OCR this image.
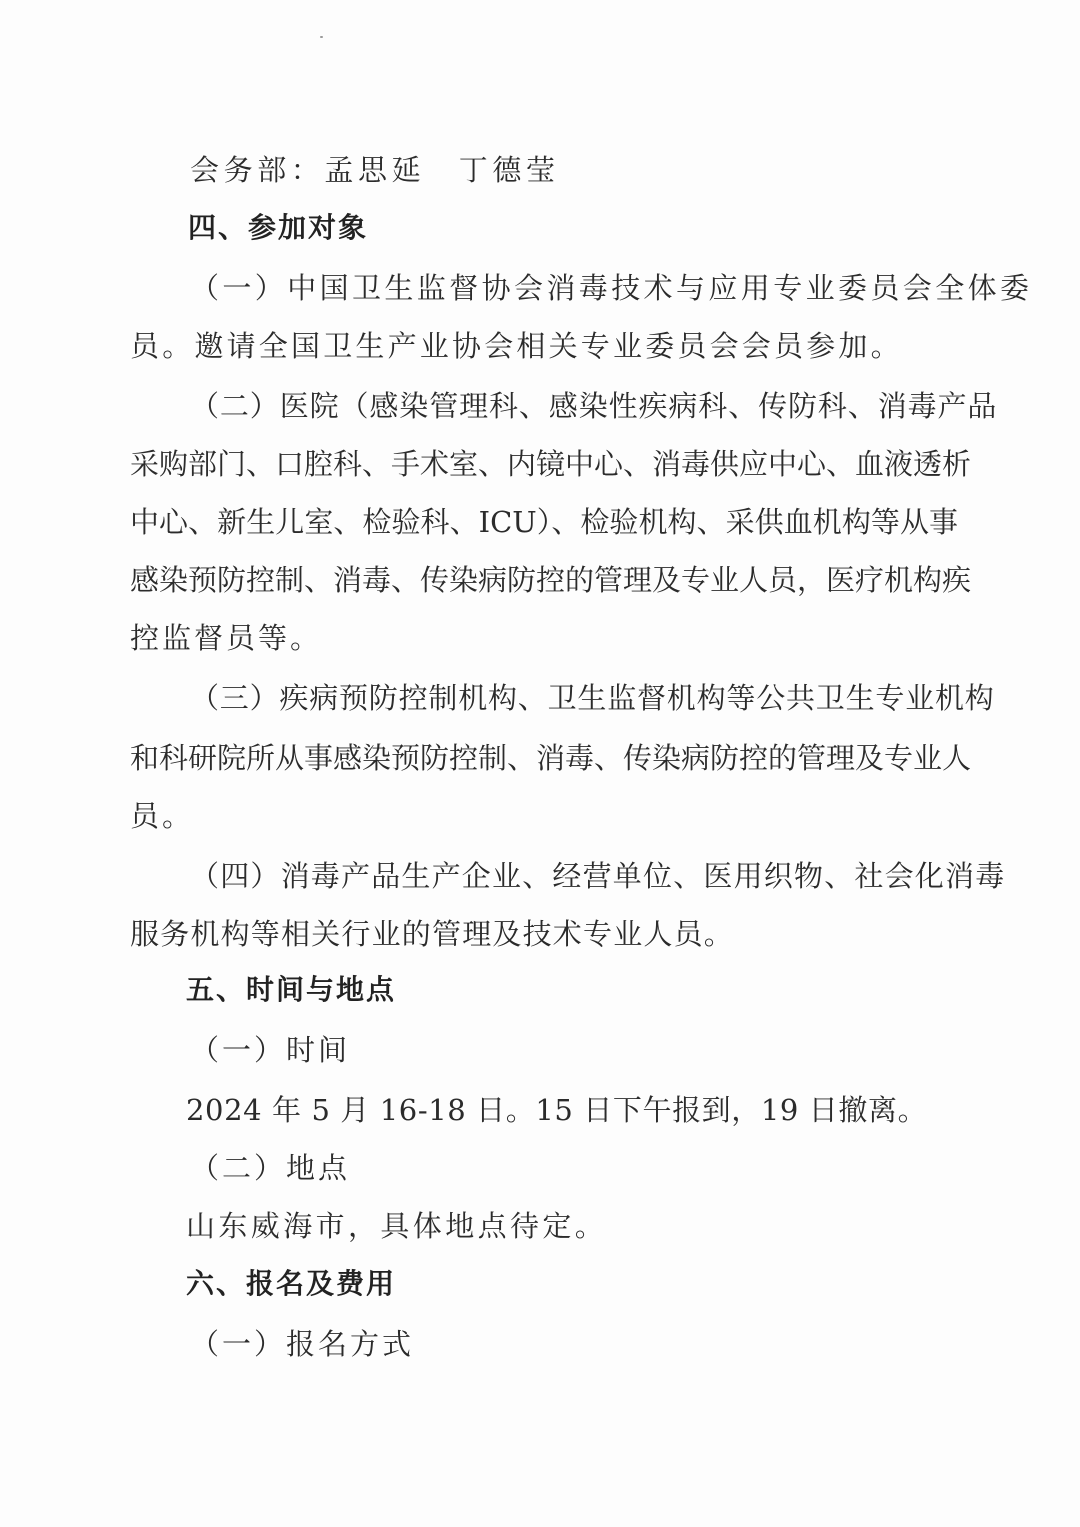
会务部：孟思延　丁德莹
四、参加对象
（一）中国卫生监督协会消毒技术与应用专业委员会全体委
员。邀请全国卫生产业协会相关专业委员会会员参加。
（二）医院（感染管理科、感染性疾病科、传防科、消毒产品
采购部门、口腔科、手术室、内镜中心、消毒供应中心、血液透析
中心、新生儿室、检验科、ICU）、检验机构、采供血机构等从事
感染预防控制、消毒、传染病防控的管理及专业人员，医疗机构疾
控监督员等。
（三）疾病预防控制机构、卫生监督机构等公共卫生专业机构
和科研院所从事感染预防控制、消毒、传染病防控的管理及专业人
员。
（四）消毒产品生产企业、经营单位、医用织物、社会化消毒
服务机构等相关行业的管理及技术专业人员。
五、时间与地点
（一）时间
2024 年 5 月 16-18 日。15 日下午报到，19 日撤离。
（二）地点
山东威海市，具体地点待定。
六、报名及费用
（一）报名方式
